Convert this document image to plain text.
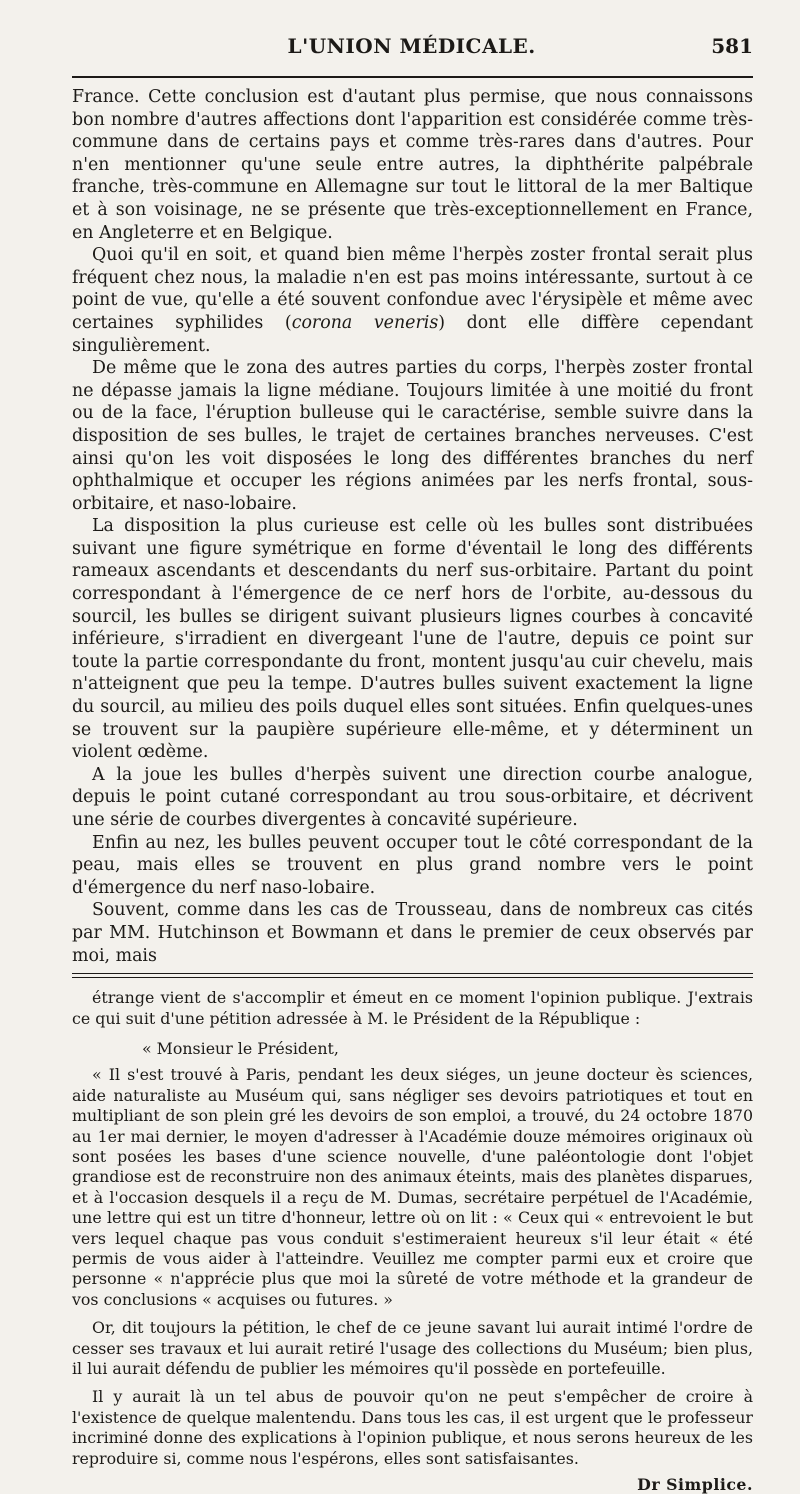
L'UNION MÉDICALE.	581

France. Cette conclusion est d'autant plus permise, que nous connaissons bon nombre d'autres affections dont l'apparition est considérée comme très-commune dans de certains pays et comme très-rares dans d'autres. Pour n'en mentionner qu'une seule entre autres, la diphthérite palpébrale franche, très-commune en Allemagne sur tout le littoral de la mer Baltique et à son voisinage, ne se présente que très-exceptionnellement en France, en Angleterre et en Belgique.

Quoi qu'il en soit, et quand bien même l'herpès zoster frontal serait plus fréquent chez nous, la maladie n'en est pas moins intéressante, surtout à ce point de vue, qu'elle a été souvent confondue avec l'érysipèle et même avec certaines syphilides (corona veneris) dont elle diffère cependant singulièrement.

De même que le zona des autres parties du corps, l'herpès zoster frontal ne dépasse jamais la ligne médiane. Toujours limitée à une moitié du front ou de la face, l'éruption bulleuse qui le caractérise, semble suivre dans la disposition de ses bulles, le trajet de certaines branches nerveuses. C'est ainsi qu'on les voit disposées le long des différentes branches du nerf ophthalmique et occuper les régions animées par les nerfs frontal, sous-orbitaire, et naso-lobaire.

La disposition la plus curieuse est celle où les bulles sont distribuées suivant une figure symétrique en forme d'éventail le long des différents rameaux ascendants et descendants du nerf sus-orbitaire. Partant du point correspondant à l'émergence de ce nerf hors de l'orbite, au-dessous du sourcil, les bulles se dirigent suivant plusieurs lignes courbes à concavité inférieure, s'irradient en divergeant l'une de l'autre, depuis ce point sur toute la partie correspondante du front, montent jusqu'au cuir chevelu, mais n'atteignent que peu la tempe. D'autres bulles suivent exactement la ligne du sourcil, au milieu des poils duquel elles sont situées. Enfin quelques-unes se trouvent sur la paupière supérieure elle-même, et y déterminent un violent œdème.

A la joue les bulles d'herpès suivent une direction courbe analogue, depuis le point cutané correspondant au trou sous-orbitaire, et décrivent une série de courbes divergentes à concavité supérieure.

Enfin au nez, les bulles peuvent occuper tout le côté correspondant de la peau, mais elles se trouvent en plus grand nombre vers le point d'émergence du nerf naso-lobaire.

Souvent, comme dans les cas de Trousseau, dans de nombreux cas cités par MM. Hutchinson et Bowmann et dans le premier de ceux observés par moi, mais

étrange vient de s'accomplir et émeut en ce moment l'opinion publique. J'extrais ce qui suit d'une pétition adressée à M. le Président de la République :

« Monsieur le Président,

« Il s'est trouvé à Paris, pendant les deux siéges, un jeune docteur ès sciences, aide naturaliste au Muséum qui, sans négliger ses devoirs patriotiques et tout en multipliant de son plein gré les devoirs de son emploi, a trouvé, du 24 octobre 1870 au 1er mai dernier, le moyen d'adresser à l'Académie douze mémoires originaux où sont posées les bases d'une science nouvelle, d'une paléontologie dont l'objet grandiose est de reconstruire non des animaux éteints, mais des planètes disparues, et à l'occasion desquels il a reçu de M. Dumas, secrétaire perpétuel de l'Académie, une lettre qui est un titre d'honneur, lettre où on lit : « Ceux qui « entrevoient le but vers lequel chaque pas vous conduit s'estimeraient heureux s'il leur était « été permis de vous aider à l'atteindre. Veuillez me compter parmi eux et croire que personne « n'apprécie plus que moi la sûreté de votre méthode et la grandeur de vos conclusions « acquises ou futures. »

Or, dit toujours la pétition, le chef de ce jeune savant lui aurait intimé l'ordre de cesser ses travaux et lui aurait retiré l'usage des collections du Muséum; bien plus, il lui aurait défendu de publier les mémoires qu'il possède en portefeuille.

Il y aurait là un tel abus de pouvoir qu'on ne peut s'empêcher de croire à l'existence de quelque malentendu. Dans tous les cas, il est urgent que le professeur incriminé donne des explications à l'opinion publique, et nous serons heureux de les reproduire si, comme nous l'espérons, elles sont satisfaisantes.

Dr Simplice.
